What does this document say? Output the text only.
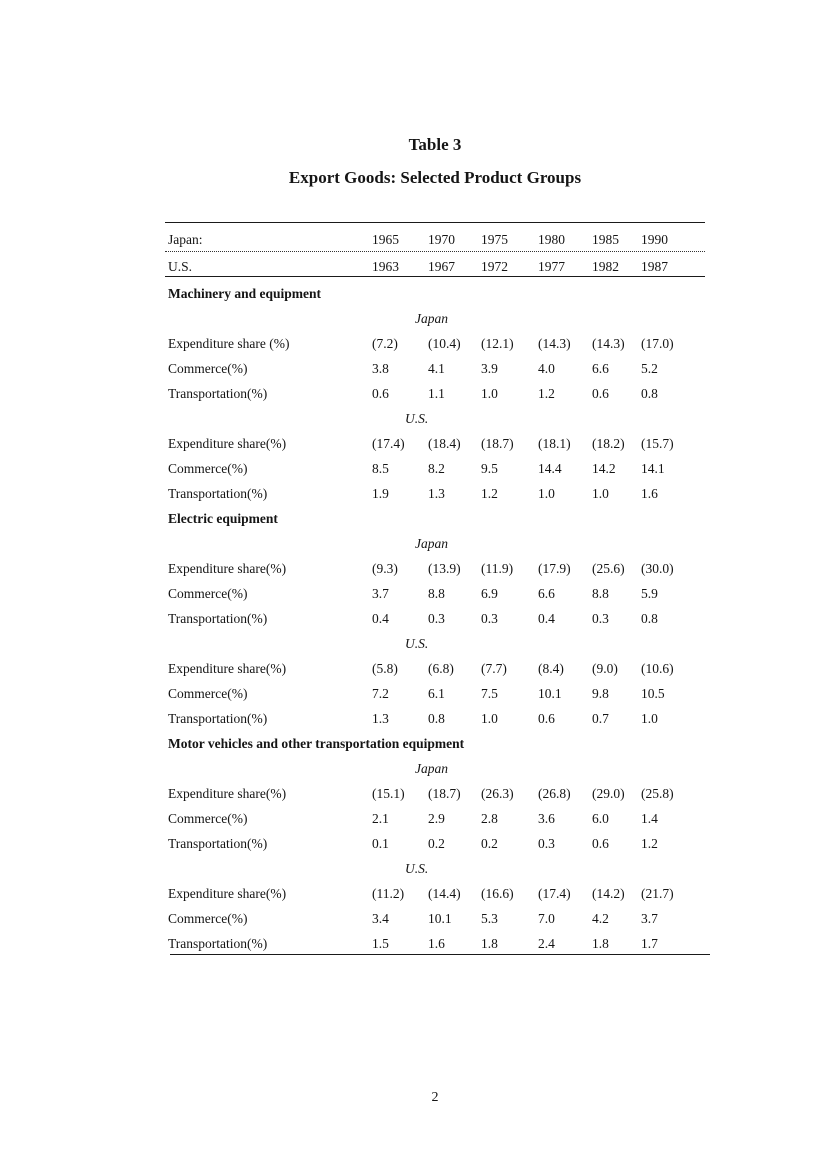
Table 3
Export Goods: Selected Product Groups
Japan:	1965 1970 1975 1980 1985 1990
U.S.	1963 1967 1972 1977 1982 1987
Machinery and equipment
Japan
Expenditure share (%)	(7.2) (10.4) (12.1) (14.3) (14.3) (17.0)
Commerce(%)	3.8	4.1	3.9	4.0	6.6 5.2
Transportation(%)	0.6	1.1	1.0	1.2	0.6 0.8
U.S.
Expenditure share(%)	(17.4) (18.4) (18.7) (18.1) (18.2) (15.7)
Commerce(%)	8.5	8.2	9.5	14.4 14.2 14.1
Transportation(%)	1.9	1.3	1.2	1.0	1.0 1.6
Electric equipment
Japan
Expenditure share(%)	(9.3) (13.9) (11.9) (17.9) (25.6) (30.0)
Commerce(%)	3.7	8.8	6.9	6.6	8.8 5.9
Transportation(%)	0.4	0.3	0.3	0.4	0.3 0.8
U.S.
Expenditure share(%)	(5.8) (6.8) (7.7) (8.4) (9.0) (10.6)
Commerce(%)	7.2	6.1	7.5	10.1 9.8 10.5
Transportation(%)	1.3	0.8	1.0	0.6	0.7 1.0
Motor vehicles and other transportation equipment
Japan
Expenditure share(%)	(15.1) (18.7) (26.3) (26.8) (29.0) (25.8)
Commerce(%)	2.1	2.9	2.8	3.6	6.0 1.4
Transportation(%)	0.1	0.2	0.2	0.3	0.6 1.2
U.S.
Expenditure share(%)	(11.2) (14.4) (16.6) (17.4) (14.2) (21.7)
Commerce(%)	3.4	10.1 5.3	7.0	4.2 3.7
Transportation(%)	1.5	1.6	1.8	2.4	1.8 1.7
2
